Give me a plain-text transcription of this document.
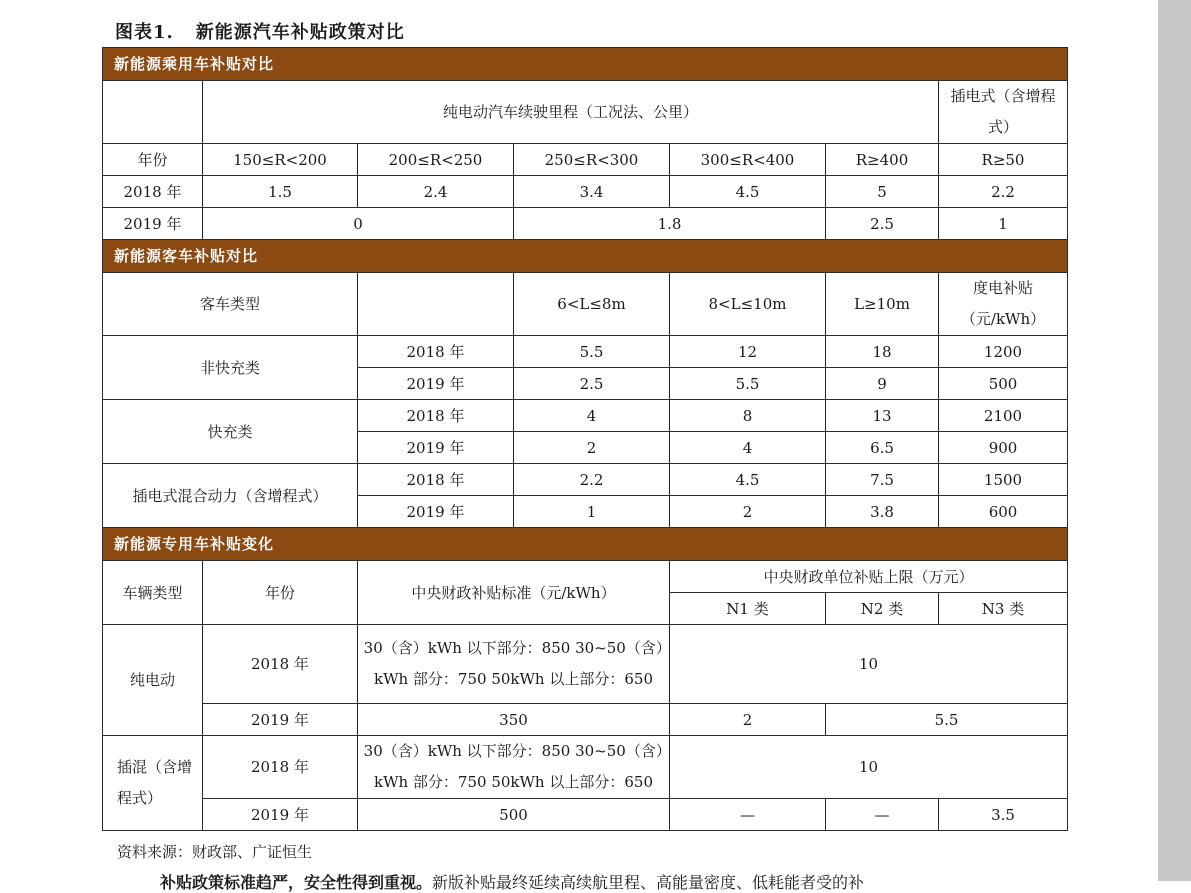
图表1. 新能源汽车补贴政策对比
新能源乘用车补贴对比						
	纯电动汽车续驶里程（工况法、公里）					插电式（含增程式）
年份	150≤R<200	200≤R<250	250≤R<300	300≤R<400	R≥400	R≥50
2018 年	1.5	2.4	3.4	4.5	5	2.2
2019 年	0		1.8		2.5	1
新能源客车补贴对比						
客车类型			6<L≤8m	8<L≤10m	L≥10m	度电补贴（元/kWh）
非快充类		2018 年	5.5	12	18	1200
		2019 年	2.5	5.5	9	500
快充类		2018 年	4	8	13	2100
		2019 年	2	4	6.5	900
插电式混合动力（含增程式）		2018 年	2.2	4.5	7.5	1500
		2019 年	1	2	3.8	600
新能源专用车补贴变化						
车辆类型	年份	中央财政补贴标准（元/kWh）		中央财政单位补贴上限（万元）		
				N1 类	N2 类	N3 类
纯电动	2018 年	30（含）kWh 以下部分：850 30~50（含）kWh 部分：750 50kWh 以上部分：650		10		
	2019 年	350		2	5.5	
插混（含增程式）	2018 年	30（含）kWh 以下部分：850 30~50（含）kWh 部分：750 50kWh 以上部分：650		10		
	2019 年	500		—	—	3.5
资料来源：财政部、广证恒生
补贴政策标准趋严，安全性得到重视。新版补贴最终延续高续航里程、高能量密度、低耗能者受的补
